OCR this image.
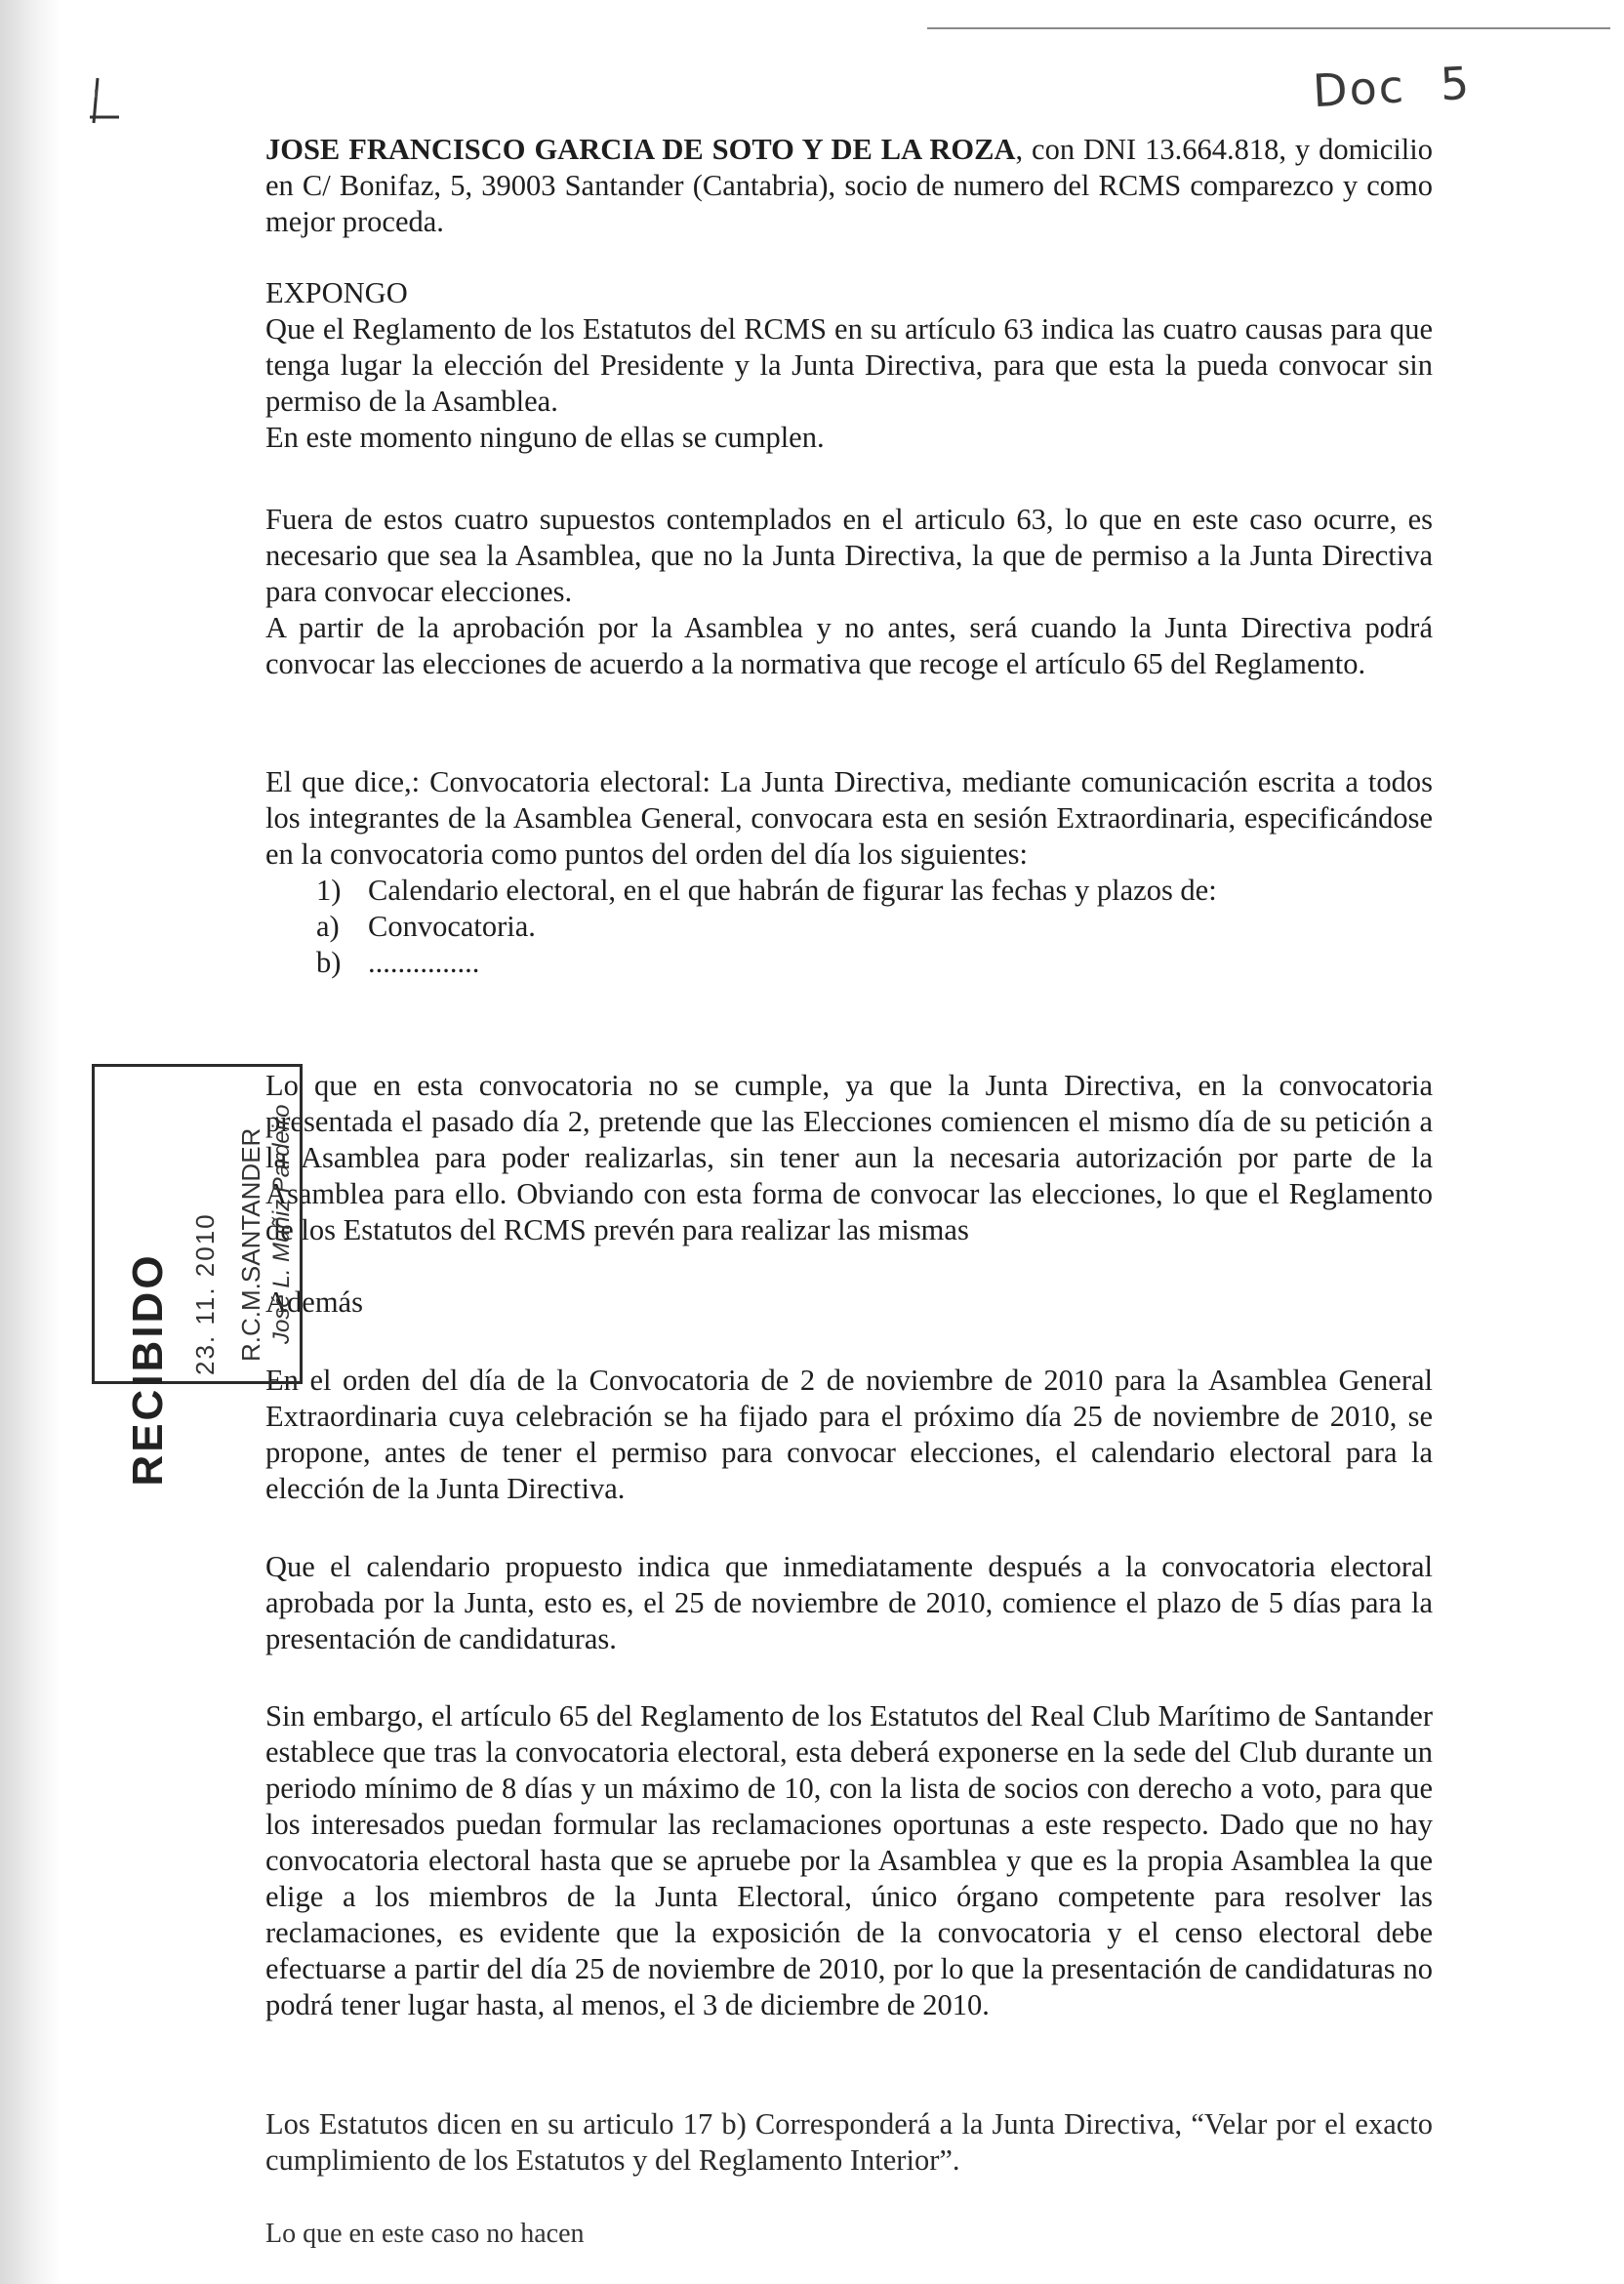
Doc 5

JOSE FRANCISCO GARCIA DE SOTO Y DE LA ROZA, con DNI 13.664.818, y domicilio en C/ Bonifaz, 5, 39003 Santander (Cantabria), socio de numero del RCMS comparezco y como mejor proceda.

EXPONGO

Que el Reglamento de los Estatutos del RCMS en su artículo 63 indica las cuatro causas para que tenga lugar la elección del Presidente y la Junta Directiva, para que esta la pueda convocar sin permiso de la Asamblea.

En este momento ninguno de ellas se cumplen.

Fuera de estos cuatro supuestos contemplados en el articulo 63, lo que en este caso ocurre, es necesario que sea la Asamblea, que no la Junta Directiva, la que de permiso a la Junta Directiva para convocar elecciones.

A partir de la aprobación por la Asamblea y no antes, será cuando la Junta Directiva podrá convocar las elecciones de acuerdo a la normativa que recoge el artículo 65 del Reglamento.

El que dice,: Convocatoria electoral: La Junta Directiva, mediante comunicación escrita a todos los integrantes de la Asamblea General, convocara esta en sesión Extraordinaria, especificándose en la convocatoria como puntos del orden del día los siguientes:

1) Calendario electoral, en el que habrán de figurar las fechas y plazos de:
a) Convocatoria.
b) ...............

Lo que en esta convocatoria no se cumple, ya que la Junta Directiva, en la convocatoria presentada el pasado día 2, pretende que las Elecciones comiencen el mismo día de su petición a la Asamblea para poder realizarlas, sin tener aun la necesaria autorización por parte de la Asamblea para ello. Obviando con esta forma de convocar las elecciones, lo que el Reglamento de los Estatutos del RCMS prevén para realizar las mismas

Además

En el orden del día de la Convocatoria de 2 de noviembre de 2010 para la Asamblea General Extraordinaria cuya celebración se ha fijado para el próximo día 25 de noviembre de 2010, se propone, antes de tener el permiso para convocar elecciones, el calendario electoral para la elección de la Junta Directiva.

Que el calendario propuesto indica que inmediatamente después a la convocatoria electoral aprobada por la Junta, esto es, el 25 de noviembre de 2010, comience el plazo de 5 días para la presentación de candidaturas.

Sin embargo, el artículo 65 del Reglamento de los Estatutos del Real Club Marítimo de Santander establece que tras la convocatoria electoral, esta deberá exponerse en la sede del Club durante un periodo mínimo de 8 días y un máximo de 10, con la lista de socios con derecho a voto, para que los interesados puedan formular las reclamaciones oportunas a este respecto. Dado que no hay convocatoria electoral hasta que se apruebe por la Asamblea y que es la propia Asamblea la que elige a los miembros de la Junta Electoral, único órgano competente para resolver las reclamaciones, es evidente que la exposición de la convocatoria y el censo electoral debe efectuarse a partir del día 25 de noviembre de 2010, por lo que la presentación de candidaturas no podrá tener lugar hasta, al menos, el 3 de diciembre de 2010.

Los Estatutos dicen en su articulo 17 b) Corresponderá a la Junta Directiva, “Velar por el exacto cumplimiento de los Estatutos y del Reglamento Interior”.

Lo que en este caso no hacen

RECIBIDO 23. 11. 2010 R.C.M.SANTANDER José L. Muñiz Pardeiro
